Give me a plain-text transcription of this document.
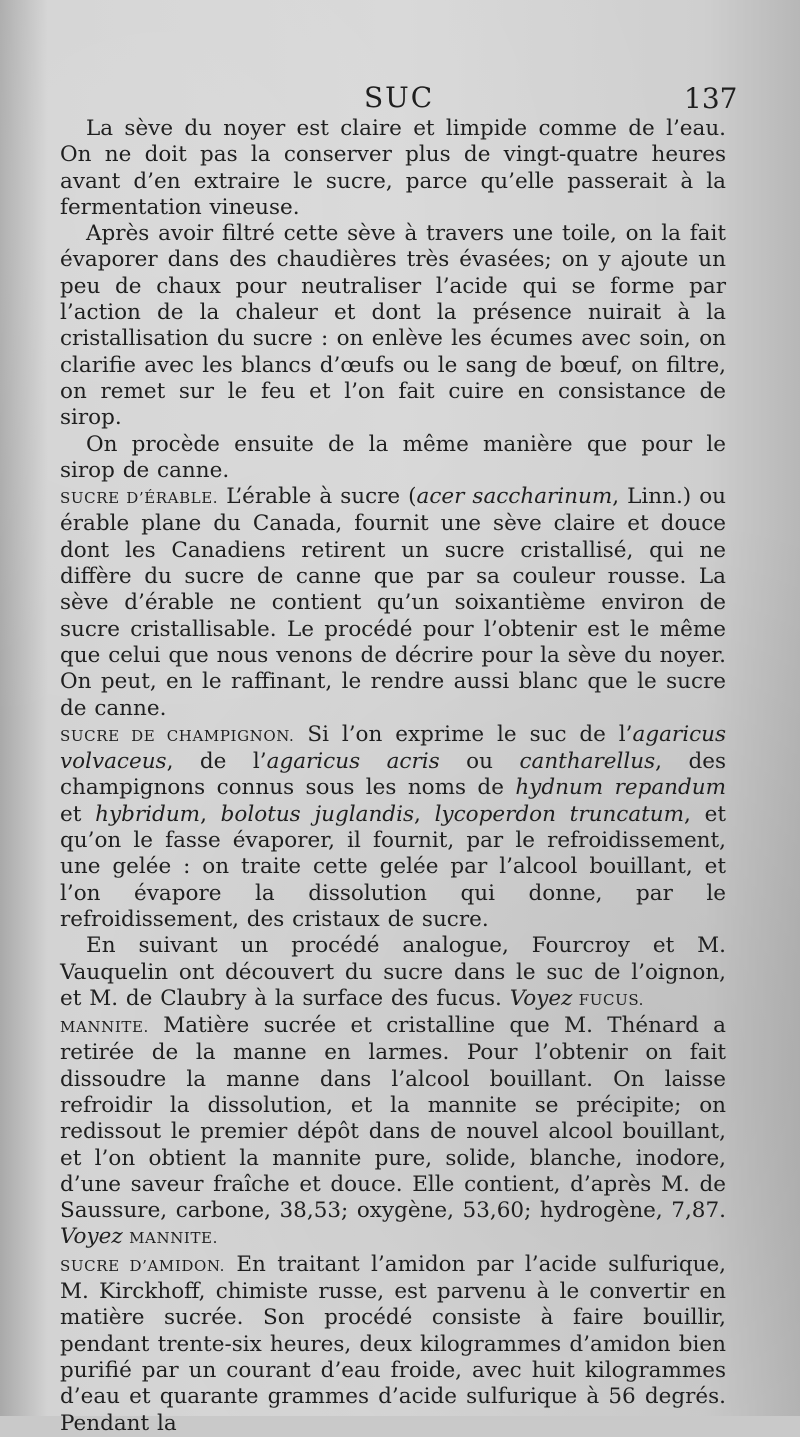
SUC	137

La sève du noyer est claire et limpide comme de l’eau. On ne doit pas la conserver plus de vingt-quatre heures avant d’en extraire le sucre, parce qu’elle passerait à la fermentation vineuse.

Après avoir filtré cette sève à travers une toile, on la fait évaporer dans des chaudières très évasées; on y ajoute un peu de chaux pour neutraliser l’acide qui se forme par l’action de la chaleur et dont la présence nuirait à la cristallisation du sucre : on enlève les écumes avec soin, on clarifie avec les blancs d’œufs ou le sang de bœuf, on filtre, on remet sur le feu et l’on fait cuire en consistance de sirop.

On procède ensuite de la même manière que pour le sirop de canne.

SUCRE D’ÉRABLE. L’érable à sucre (acer saccharinum, Linn.) ou érable plane du Canada, fournit une sève claire et douce dont les Canadiens retirent un sucre cristallisé, qui ne diffère du sucre de canne que par sa couleur rousse. La sève d’érable ne contient qu’un soixantième environ de sucre cristallisable. Le procédé pour l’obtenir est le même que celui que nous venons de décrire pour la sève du noyer. On peut, en le raffinant, le rendre aussi blanc que le sucre de canne.

SUCRE DE CHAMPIGNON. Si l’on exprime le suc de l’agaricus volvaceus, de l’agaricus acris ou cantharellus, des champignons connus sous les noms de hydnum repandum et hybridum, bolotus juglandis, lycoperdon truncatum, et qu’on le fasse évaporer, il fournit, par le refroidissement, une gelée : on traite cette gelée par l’alcool bouillant, et l’on évapore la dissolution qui donne, par le refroidissement, des cristaux de sucre.

En suivant un procédé analogue, Fourcroy et M. Vauquelin ont découvert du sucre dans le suc de l’oignon, et M. de Claubry à la surface des fucus. Voyez FUCUS.

MANNITE. Matière sucrée et cristalline que M. Thénard a retirée de la manne en larmes. Pour l’obtenir on fait dissoudre la manne dans l’alcool bouillant. On laisse refroidir la dissolution, et la mannite se précipite; on redissout le premier dépôt dans de nouvel alcool bouillant, et l’on obtient la mannite pure, solide, blanche, inodore, d’une saveur fraîche et douce. Elle contient, d’après M. de Saussure, carbone, 38,53; oxygène, 53,60; hydrogène, 7,87. Voyez MANNITE.

SUCRE D’AMIDON. En traitant l’amidon par l’acide sulfurique, M. Kirckhoff, chimiste russe, est parvenu à le convertir en matière sucrée. Son procédé consiste à faire bouillir, pendant trente-six heures, deux kilogrammes d’amidon bien purifié par un courant d’eau froide, avec huit kilogrammes d’eau et quarante grammes d’acide sulfurique à 56 degrés. Pendant la
